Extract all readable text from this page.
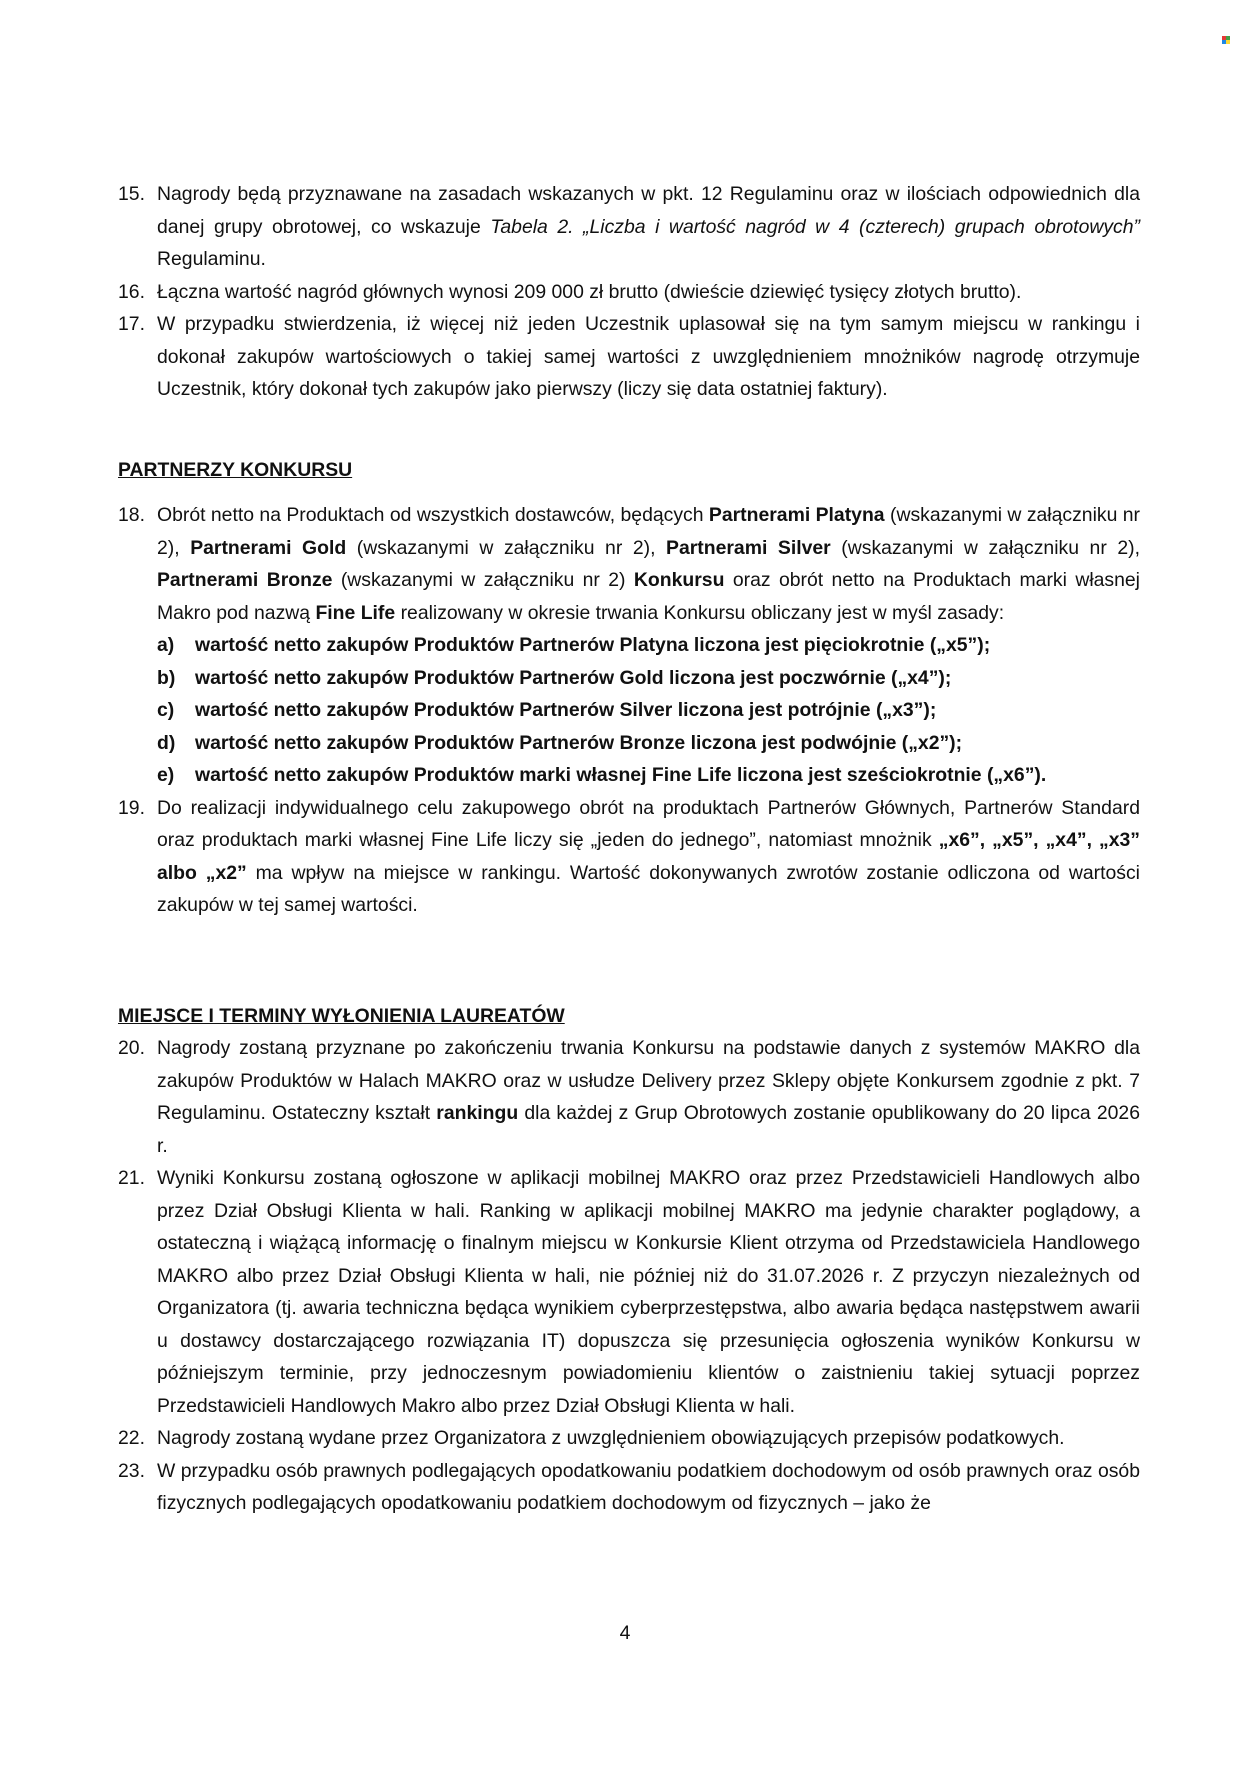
15. Nagrody będą przyznawane na zasadach wskazanych w pkt. 12 Regulaminu oraz w ilościach odpowiednich dla danej grupy obrotowej, co wskazuje Tabela 2. „Liczba i wartość nagród w 4 (czterech) grupach obrotowych” Regulaminu.
16. Łączna wartość nagród głównych wynosi 209 000 zł brutto (dwieście dziewięć tysięcy złotych brutto).
17. W przypadku stwierdzenia, iż więcej niż jeden Uczestnik uplasował się na tym samym miejscu w rankingu i dokonał zakupów wartościowych o takiej samej wartości z uwzględnieniem mnożników nagrodę otrzymuje Uczestnik, który dokonał tych zakupów jako pierwszy (liczy się data ostatniej faktury).
PARTNERZY KONKURSU
18. Obrót netto na Produktach od wszystkich dostawców, będących Partnerami Platyna (wskazanymi w załączniku nr 2), Partnerami Gold (wskazanymi w załączniku nr 2), Partnerami Silver (wskazanymi w załączniku nr 2), Partnerami Bronze (wskazanymi w załączniku nr 2) Konkursu oraz obrót netto na Produktach marki własnej Makro pod nazwą Fine Life realizowany w okresie trwania Konkursu obliczany jest w myśl zasady:
a) wartość netto zakupów Produktów Partnerów Platyna liczona jest pięciokrotnie („x5”);
b) wartość netto zakupów Produktów Partnerów Gold liczona jest poczwórnie („x4”);
c) wartość netto zakupów Produktów Partnerów Silver liczona jest potrójnie („x3”);
d) wartość netto zakupów Produktów Partnerów Bronze liczona jest podwójnie („x2”);
e) wartość netto zakupów Produktów marki własnej Fine Life liczona jest sześciokrotnie („x6”).
19. Do realizacji indywidualnego celu zakupowego obrót na produktach Partnerów Głównych, Partnerów Standard oraz produktach marki własnej Fine Life liczy się „jeden do jednego”, natomiast mnożnik „x6”, „x5”, „x4”, „x3” albo „x2” ma wpływ na miejsce w rankingu. Wartość dokonywanych zwrotów zostanie odliczona od wartości zakupów w tej samej wartości.
MIEJSCE I TERMINY WYŁONIENIA LAUREATÓW
20. Nagrody zostaną przyznane po zakończeniu trwania Konkursu na podstawie danych z systemów MAKRO dla zakupów Produktów w Halach MAKRO oraz w usłudze Delivery przez Sklepy objęte Konkursem zgodnie z pkt. 7 Regulaminu. Ostateczny kształt rankingu dla każdej z Grup Obrotowych zostanie opublikowany do 20 lipca 2026 r.
21. Wyniki Konkursu zostaną ogłoszone w aplikacji mobilnej MAKRO oraz przez Przedstawicieli Handlowych albo przez Dział Obsługi Klienta w hali. Ranking w aplikacji mobilnej MAKRO ma jedynie charakter poglądowy, a ostateczną i wiążącą informację o finalnym miejscu w Konkursie Klient otrzyma od Przedstawiciela Handlowego MAKRO albo przez Dział Obsługi Klienta w hali, nie później niż do 31.07.2026 r. Z przyczyn niezależnych od Organizatora (tj. awaria techniczna będąca wynikiem cyberprzestępstwa, albo awaria będąca następstwem awarii u dostawcy dostarczającego rozwiązania IT) dopuszcza się przesunięcia ogłoszenia wyników Konkursu w późniejszym terminie, przy jednoczesnym powiadomieniu klientów o zaistnieniu takiej sytuacji poprzez Przedstawicieli Handlowych Makro albo przez Dział Obsługi Klienta w hali.
22. Nagrody zostaną wydane przez Organizatora z uwzględnieniem obowiązujących przepisów podatkowych.
23. W przypadku osób prawnych podlegających opodatkowaniu podatkiem dochodowym od osób prawnych oraz osób fizycznych podlegających opodatkowaniu podatkiem dochodowym od fizycznych – jako że
4
